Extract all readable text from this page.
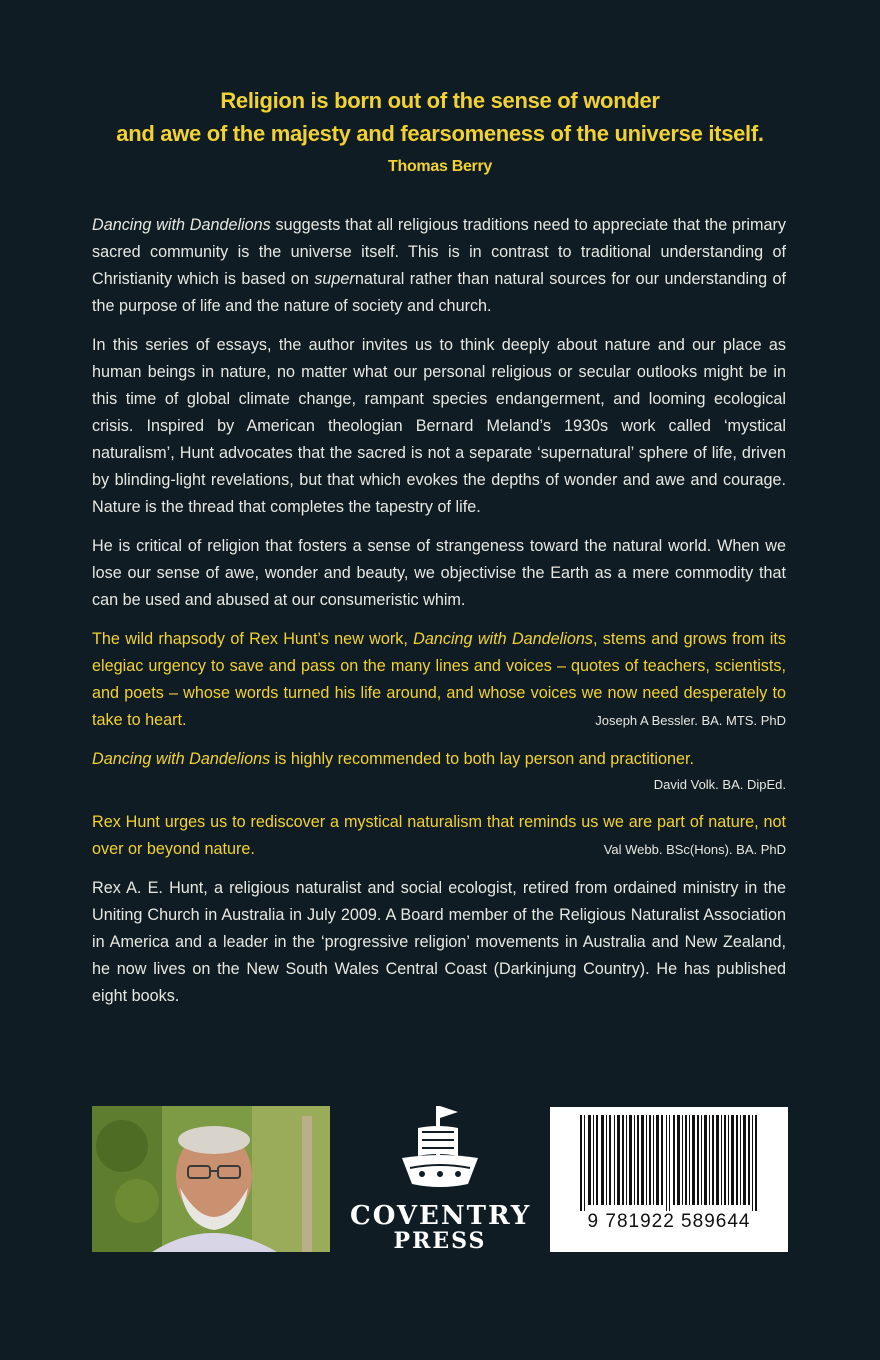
Religion is born out of the sense of wonder
and awe of the majesty and fearsomeness of the universe itself.
Thomas Berry

Dancing with Dandelions suggests that all religious traditions need to appreciate that the primary sacred community is the universe itself. This is in contrast to traditional understanding of Christianity which is based on supernatural rather than natural sources for our understanding of the purpose of life and the nature of society and church.

In this series of essays, the author invites us to think deeply about nature and our place as human beings in nature, no matter what our personal religious or secular outlooks might be in this time of global climate change, rampant species endangerment, and looming ecological crisis. Inspired by American theologian Bernard Meland’s 1930s work called ‘mystical naturalism’, Hunt advocates that the sacred is not a separate ‘supernatural’ sphere of life, driven by blinding-light revelations, but that which evokes the depths of wonder and awe and courage. Nature is the thread that completes the tapestry of life.

He is critical of religion that fosters a sense of strangeness toward the natural world. When we lose our sense of awe, wonder and beauty, we objectivise the Earth as a mere commodity that can be used and abused at our consumeristic whim.

The wild rhapsody of Rex Hunt’s new work, Dancing with Dandelions, stems and grows from its elegiac urgency to save and pass on the many lines and voices – quotes of teachers, scientists, and poets – whose words turned his life around, and whose voices we now need desperately to take to heart.	Joseph A Bessler. BA. MTS. PhD
Dancing with Dandelions is highly recommended to both lay person and practitioner.
David Volk. BA. DipEd.
Rex Hunt urges us to rediscover a mystical naturalism that reminds us we are part of nature, not over or beyond nature.	Val Webb. BSc(Hons). BA. PhD

Rex A. E. Hunt, a religious naturalist and social ecologist, retired from ordained ministry in the Uniting Church in Australia in July 2009. A Board member of the Religious Naturalist Association in America and a leader in the ‘progressive religion’ movements in Australia and New Zealand, he now lives on the New South Wales Central Coast (Darkinjung Country). He has published eight books.

COVENTRY
PRESS
9 781922 589644
